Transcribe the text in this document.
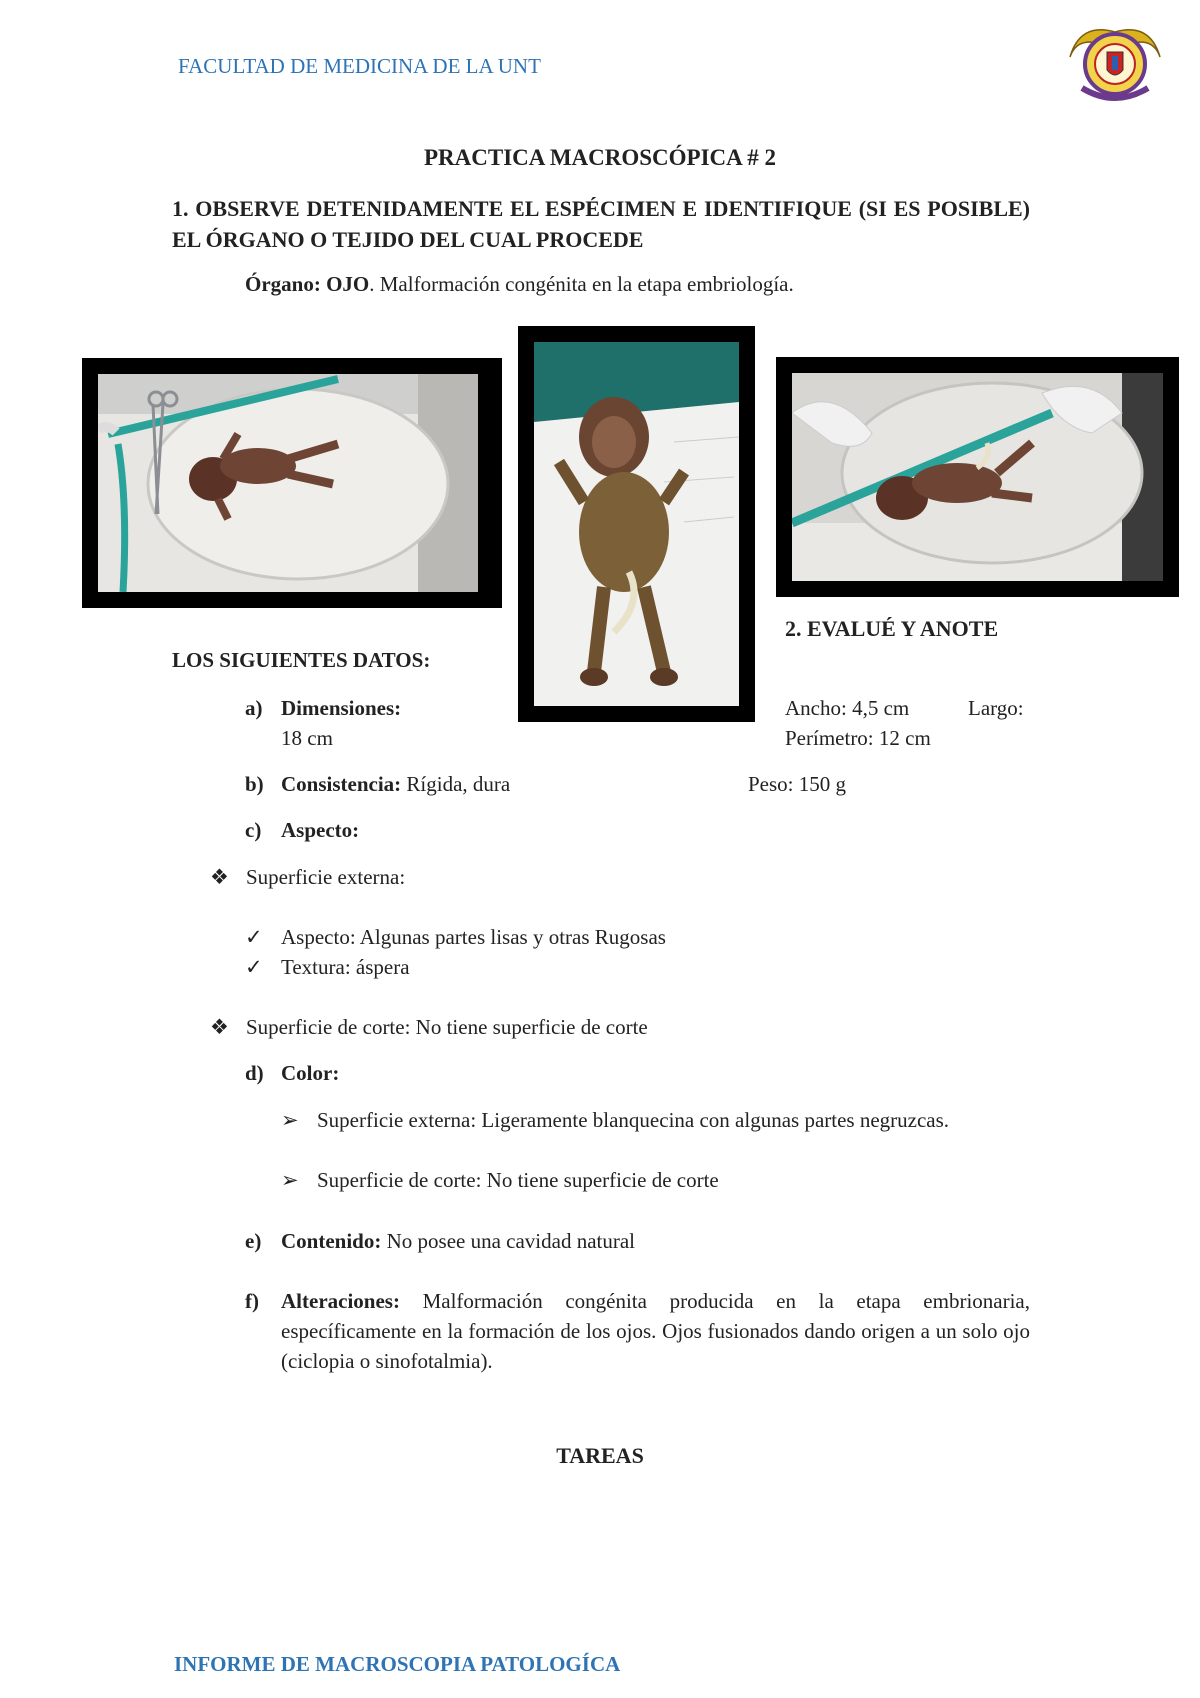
FACULTAD DE MEDICINA DE LA UNT
PRACTICA MACROSCÓPICA # 2
1. OBSERVE DETENIDAMENTE EL ESPÉCIMEN E IDENTIFIQUE (SI ES POSIBLE) EL ÓRGANO O TEJIDO DEL CUAL PROCEDE
Órgano: OJO. Malformación congénita en la etapa embriología.
2. EVALUÉ Y ANOTE
LOS SIGUIENTES DATOS:
a) Dimensiones:
18 cm
Ancho: 4,5 cm	Largo:
Perímetro: 12 cm
b) Consistencia: Rígida, dura	Peso: 150 g
c) Aspecto:
❖ Superficie externa:
✓ Aspecto: Algunas partes lisas y otras Rugosas
✓ Textura: áspera
❖ Superficie de corte: No tiene superficie de corte
d) Color:
➢ Superficie externa: Ligeramente blanquecina con algunas partes negruzcas.
➢ Superficie de corte: No tiene superficie de corte
e) Contenido: No posee una cavidad natural
f)	Alteraciones: Malformación congénita producida en la etapa embrionaria, específicamente en la formación de los ojos. Ojos fusionados dando origen a un solo ojo (ciclopia o sinofotalmia).
TAREAS
INFORME DE MACROSCOPIA PATOLOGÍCA
